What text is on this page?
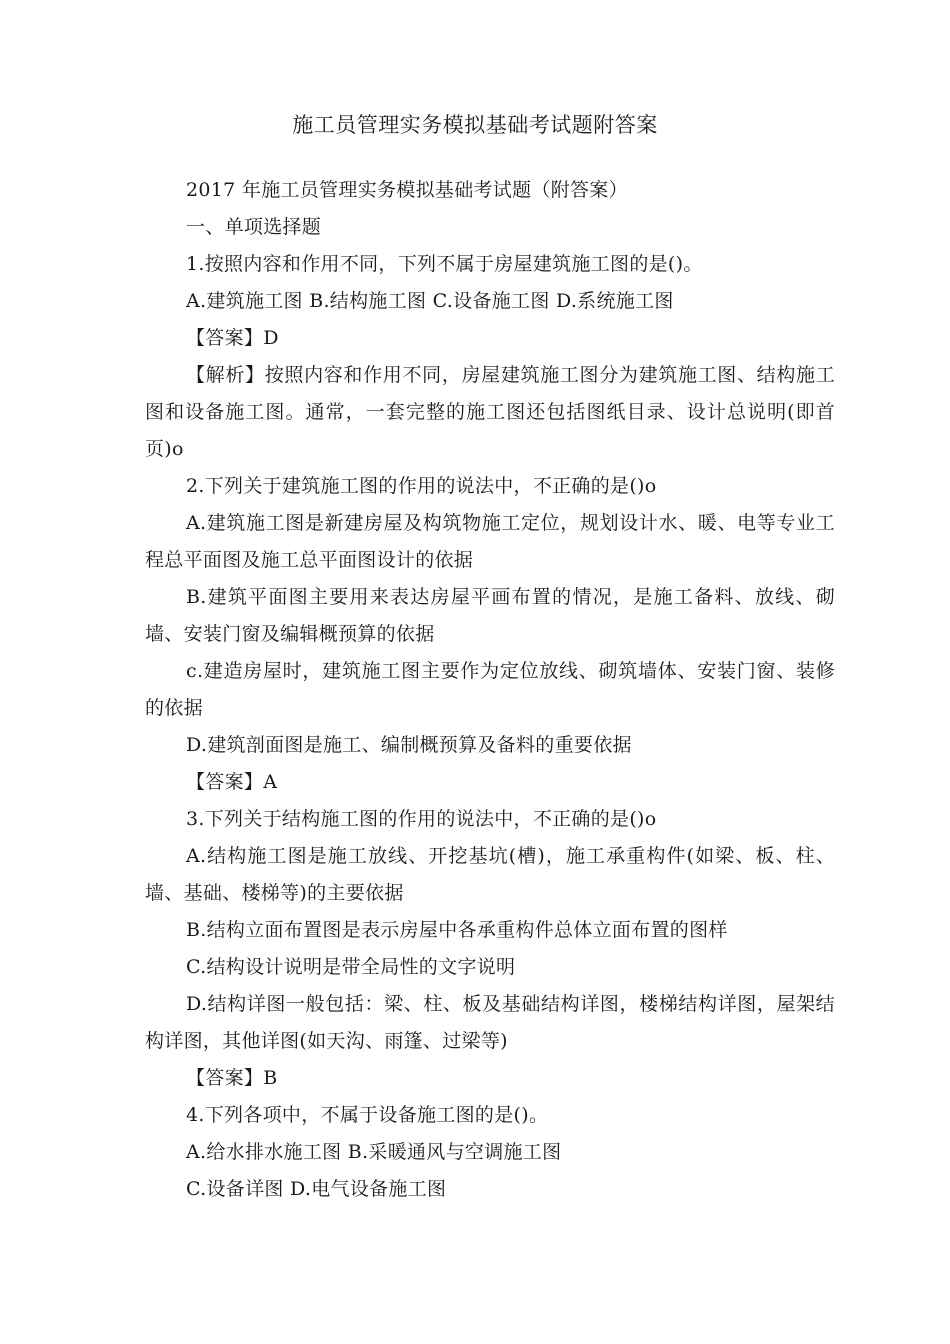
施工员管理实务模拟基础考试题附答案

2017 年施工员管理实务模拟基础考试题（附答案）

一、单项选择题

1.按照内容和作用不同，下列不属于房屋建筑施工图的是()。

A.建筑施工图 B.结构施工图 C.设备施工图 D.系统施工图

【答案】D

【解析】按照内容和作用不同，房屋建筑施工图分为建筑施工图、结构施工图和设备施工图。通常，一套完整的施工图还包括图纸目录、设计总说明(即首页)o

2.下列关于建筑施工图的作用的说法中，不正确的是()o

A.建筑施工图是新建房屋及构筑物施工定位，规划设计水、暖、电等专业工程总平面图及施工总平面图设计的依据

B.建筑平面图主要用来表达房屋平画布置的情况，是施工备料、放线、砌墙、安装门窗及编辑概预算的依据

c.建造房屋时，建筑施工图主要作为定位放线、砌筑墙体、安装门窗、装修的依据

D.建筑剖面图是施工、编制概预算及备料的重要依据

【答案】A

3.下列关于结构施工图的作用的说法中，不正确的是()o

A.结构施工图是施工放线、开挖基坑(槽)，施工承重构件(如梁、板、柱、墙、基础、楼梯等)的主要依据

B.结构立面布置图是表示房屋中各承重构件总体立面布置的图样

C.结构设计说明是带全局性的文字说明

D.结构详图一般包括：梁、柱、板及基础结构详图，楼梯结构详图，屋架结构详图，其他详图(如天沟、雨篷、过梁等)

【答案】B

4.下列各项中，不属于设备施工图的是()。

A.给水排水施工图 B.采暖通风与空调施工图

C.设备详图 D.电气设备施工图
